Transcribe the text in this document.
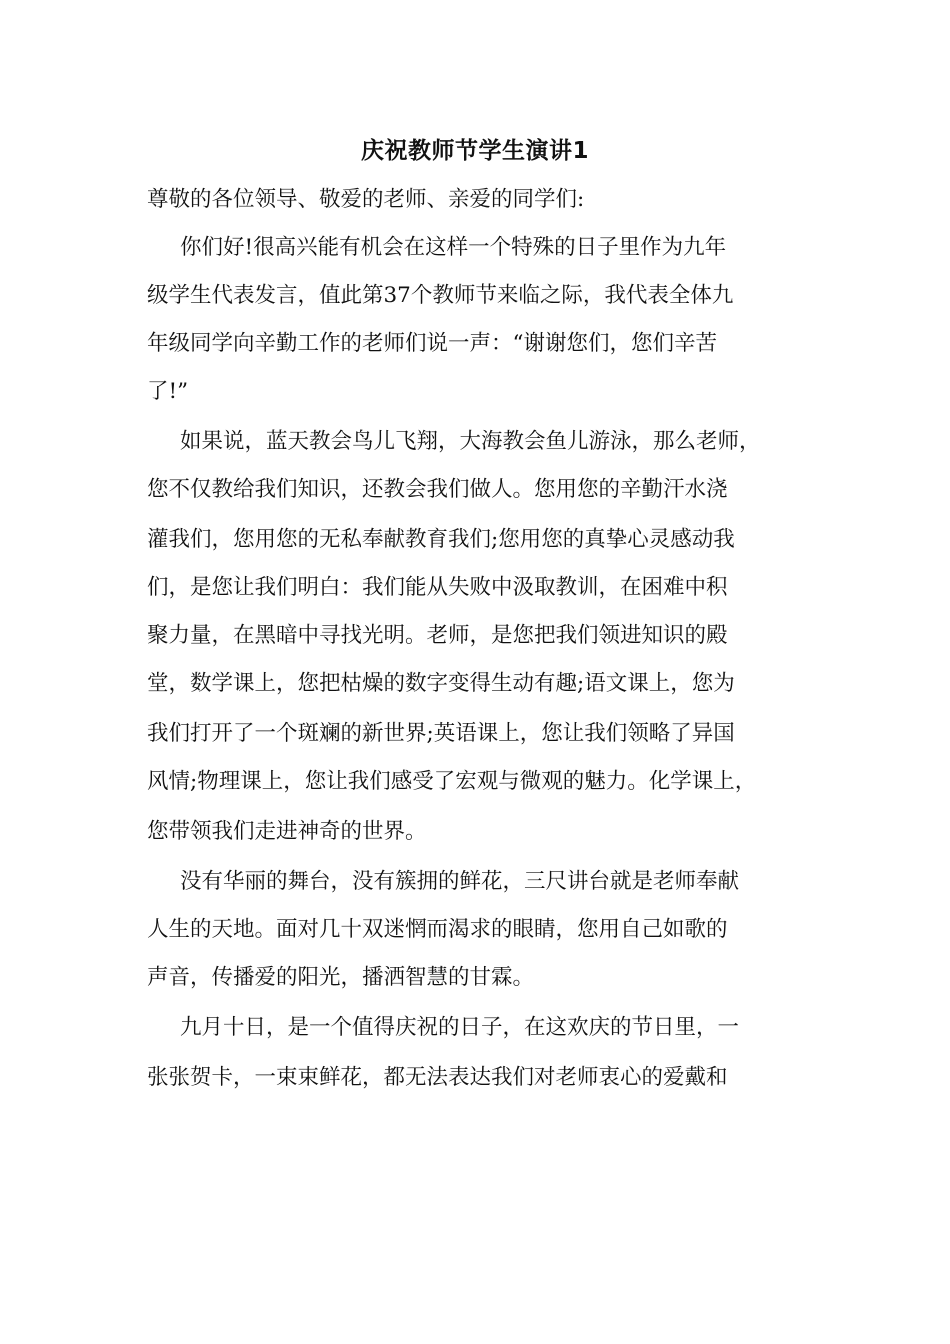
庆祝教师节学生演讲1
尊敬的各位领导、敬爱的老师、亲爱的同学们:
你们好!很高兴能有机会在这样一个特殊的日子里作为九年
级学生代表发言，值此第37个教师节来临之际，我代表全体九
年级同学向辛勤工作的老师们说一声：“谢谢您们，您们辛苦
了!”
如果说，蓝天教会鸟儿飞翔，大海教会鱼儿游泳，那么老师，
您不仅教给我们知识，还教会我们做人。您用您的辛勤汗水浇
灌我们，您用您的无私奉献教育我们;您用您的真挚心灵感动我
们，是您让我们明白：我们能从失败中汲取教训，在困难中积
聚力量，在黑暗中寻找光明。老师，是您把我们领进知识的殿
堂，数学课上，您把枯燥的数字变得生动有趣;语文课上，您为
我们打开了一个斑斓的新世界;英语课上，您让我们领略了异国
风情;物理课上，您让我们感受了宏观与微观的魅力。化学课上，
您带领我们走进神奇的世界。
没有华丽的舞台，没有簇拥的鲜花，三尺讲台就是老师奉献
人生的天地。面对几十双迷惘而渴求的眼睛，您用自己如歌的
声音，传播爱的阳光，播洒智慧的甘霖。
九月十日，是一个值得庆祝的日子，在这欢庆的节日里，一
张张贺卡，一束束鲜花，都无法表达我们对老师衷心的爱戴和
